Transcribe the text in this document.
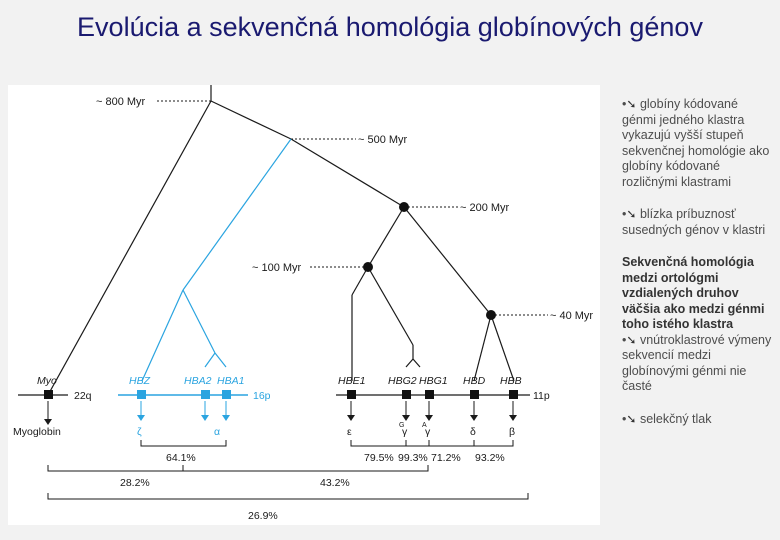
Evolúcia a sekvenčná homológia globínových génov
~ 800 Myr
~ 500 Myr
~ 200 Myr
~ 100 Myr
~ 40 Myr
Myo	HBZ	HBA2 HBA1	HBE1 HBG2 HBG1 HBD HBB
22q	16p	11p
Myoglobin	ζ	α	ε	γ
G
γ
A
δ	β
64.1%	79.5% 99.3% 71.2% 93.2%
28.2%	43.2%
26.9%

•➘ globíny kódované génmi jedného klastra vykazujú vyšší stupeň sekvenčnej homológie ako globíny kódované rozličnými klastrami

•➘ blízka príbuznosť susedných génov v klastri

Sekvenčná homológia medzi ortológmi vzdialených druhov väčšia ako medzi génmi toho istého klastra
•➘ vnútroklastrové výmeny sekvencií medzi globínovými génmi nie časté

•➘ selekčný tlak
